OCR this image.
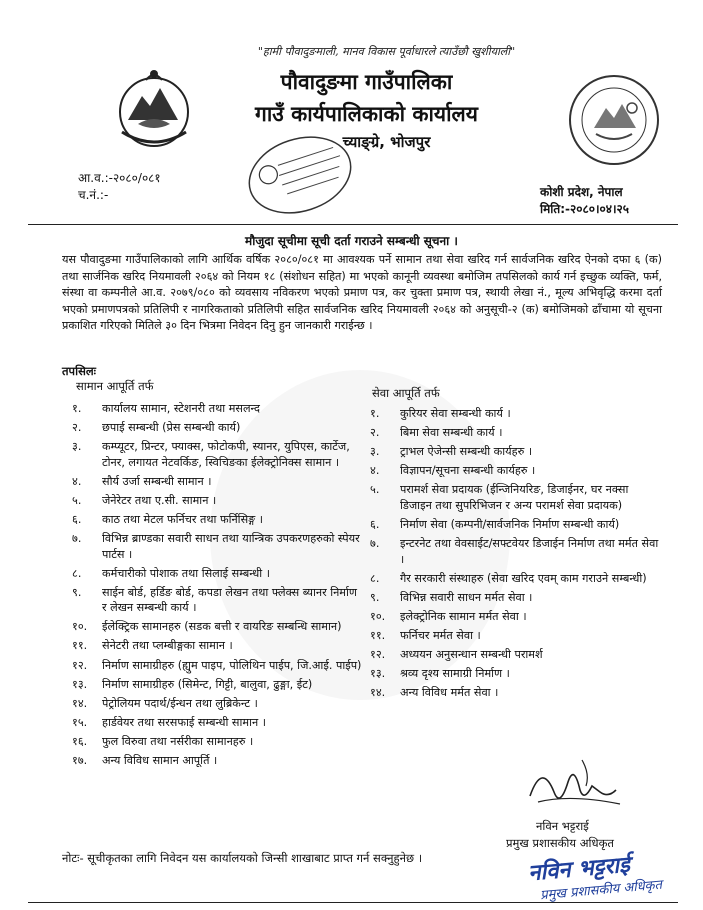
"हामी पौवादुङमाली, मानव विकास पूर्वाधारले त्याउँछौ खुशीयाली"
पौवादुङमा गाउँपालिका
गाउँ कार्यपालिकाको कार्यालय
च्याङ्ग्रे, भोजपुर
आ.व.:-२०८०/०८१
च.नं.:-	कोशी प्रदेश, नेपाल
मिति:-२०८०।०४।२५
मौजुदा सूचीमा सूची दर्ता गराउने सम्बन्धी सूचना ।
यस पौवादुङमा गाउँपालिकाको लागि आर्थिक वर्षिक २०८०/०८१ मा आवश्यक पर्ने सामान तथा सेवा खरिद गर्न सार्वजनिक खरिद ऐनको दफा ६ (क) तथा सार्जनिक खरिद नियमावली २०६४ को नियम १८ (संशोधन सहित) मा भएको कानूनी व्यवस्था बमोजिम तपसिलको कार्य गर्न इच्छुक व्यक्ति, फर्म, संस्था वा कम्पनीले आ.व. २०७९/०८० को व्यवसाय नविकरण भएको प्रमाण पत्र, कर चुक्ता प्रमाण पत्र, स्थायी लेखा नं., मूल्य अभिवृद्धि करमा दर्ता भएको प्रमाणपत्रको प्रतिलिपी र नागरिकताको प्रतिलिपी सहित सार्वजनिक खरिद नियमावली २०६४ को अनुसूची-२ (क) बमोजिमको ढाँचामा यो सूचना प्रकाशित गरिएको मितिले ३० दिन भित्रमा निवेदन दिनु हुन जानकारी गराईन्छ ।
तपसिलः
सामान आपूर्ति तर्फ	सेवा आपूर्ति तर्फ
१.	कार्यालय सामान, स्टेशनरी तथा मसलन्द
२.	छपाई सम्बन्धी (प्रेस सम्बन्धी कार्य)
३.	कम्प्यूटर, प्रिन्टर, फ्याक्स, फोटोकपी, स्यानर, युपिएस, कार्टेज, टोनर, लगायत नेटवर्किङ, स्विचिङका ईलेक्ट्रोनिक्स सामान ।
४.	सौर्य उर्जा सम्बन्धी सामान ।
५.	जेनेरेटर तथा ए.सी. सामान ।
६.	काठ तथा मेटल फर्निचर तथा फर्निसिङ्ग ।
७.	विभिन्न ब्राण्डका सवारी साधन तथा यान्त्रिक उपकरणहरुको स्पेयर पार्टस ।
८.	कर्मचारीको पोशाक तथा सिलाई सम्बन्धी ।
९.	साईन बोर्ड, हर्डिङ बोर्ड, कपडा लेखन तथा फ्लेक्स ब्यानर निर्माण र लेखन सम्बन्धी कार्य ।
१०.	ईलेक्ट्रिक सामानहरु (सडक बत्ती र वायरिङ सम्बन्धि सामान)
११.	सेनेटरी तथा प्लम्बीङ्गका सामान ।
१२.	निर्माण सामाग्रीहरु (ह्युम पाइप, पोलिथिन पाईप, जि.आई. पाईप)
१३.	निर्माण सामाग्रीहरु (सिमेन्ट, गिट्टी, बालुवा, ढुङ्गा, ईट)
१४.	पेट्रोलियम पदार्थ/ईन्धन तथा लुब्रिकेन्ट ।
१५.	हार्डवेयर तथा सरसफाई सम्बन्धी सामान ।
१६.	फुल विरुवा तथा नर्सरीका सामानहरु ।
१७.	अन्य विविध सामान आपूर्ति ।
१.	कुरियर सेवा सम्बन्धी कार्य ।
२.	बिमा सेवा सम्बन्धी कार्य ।
३.	ट्राभल ऐजेन्सी सम्बन्धी कार्यहरु ।
४.	विज्ञापन/सूचना सम्बन्धी कार्यहरु ।
५.	परामर्श सेवा प्रदायक (ईन्जिनियरिङ, डिजाईनर, घर नक्सा डिजाइन तथा सुपरिभिजन र अन्य परामर्श सेवा प्रदायक)
६.	निर्माण सेवा (कम्पनी/सार्वजनिक निर्माण सम्बन्धी कार्य)
७.	इन्टरनेट तथा वेवसाईट/सफ्टवेयर डिजाईन निर्माण तथा मर्मत सेवा ।
८.	गैर सरकारी संस्थाहरु (सेवा खरिद एवम् काम गराउने सम्बन्धी)
९.	विभिन्न सवारी साधन मर्मत सेवा ।
१०.	इलेक्ट्रोनिक सामान मर्मत सेवा ।
११.	फर्निचर मर्मत सेवा ।
१२.	अध्ययन अनुसन्धान सम्बन्धी परामर्श
१३.	श्रव्य दृश्य सामाग्री निर्माण ।
१४.	अन्य विविध मर्मत सेवा ।
नविन भट्टराई
प्रमुख प्रशासकीय अधिकृत
नोटः- सूचीकृतका लागि निवेदन यस कार्यालयको जिन्सी शाखाबाट प्राप्त गर्न सक्नुहुनेछ ।	नविन भट्टराई
प्रमुख प्रशासकीय अधिकृत
